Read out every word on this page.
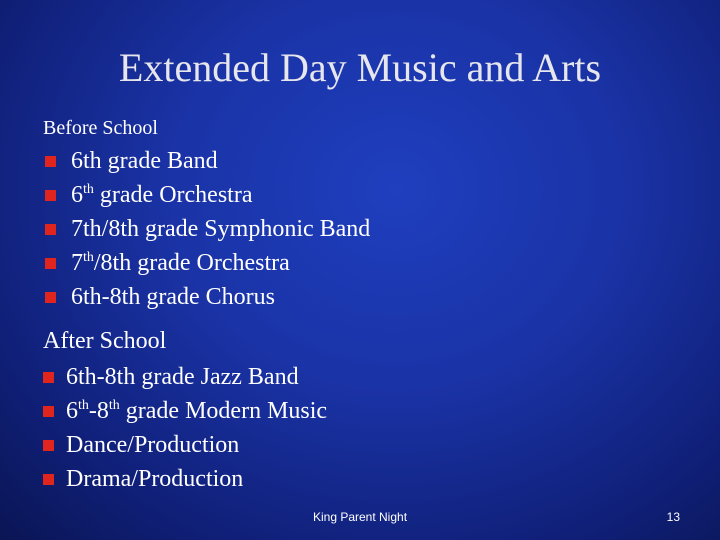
Extended Day Music and Arts
Before School
6th grade Band
6th grade Orchestra
7th/8th grade Symphonic Band
7th/8th grade Orchestra
6th-8th grade Chorus
After School
6th-8th grade Jazz Band
6th-8th grade Modern Music
Dance/Production
Drama/Production
King Parent Night	13
